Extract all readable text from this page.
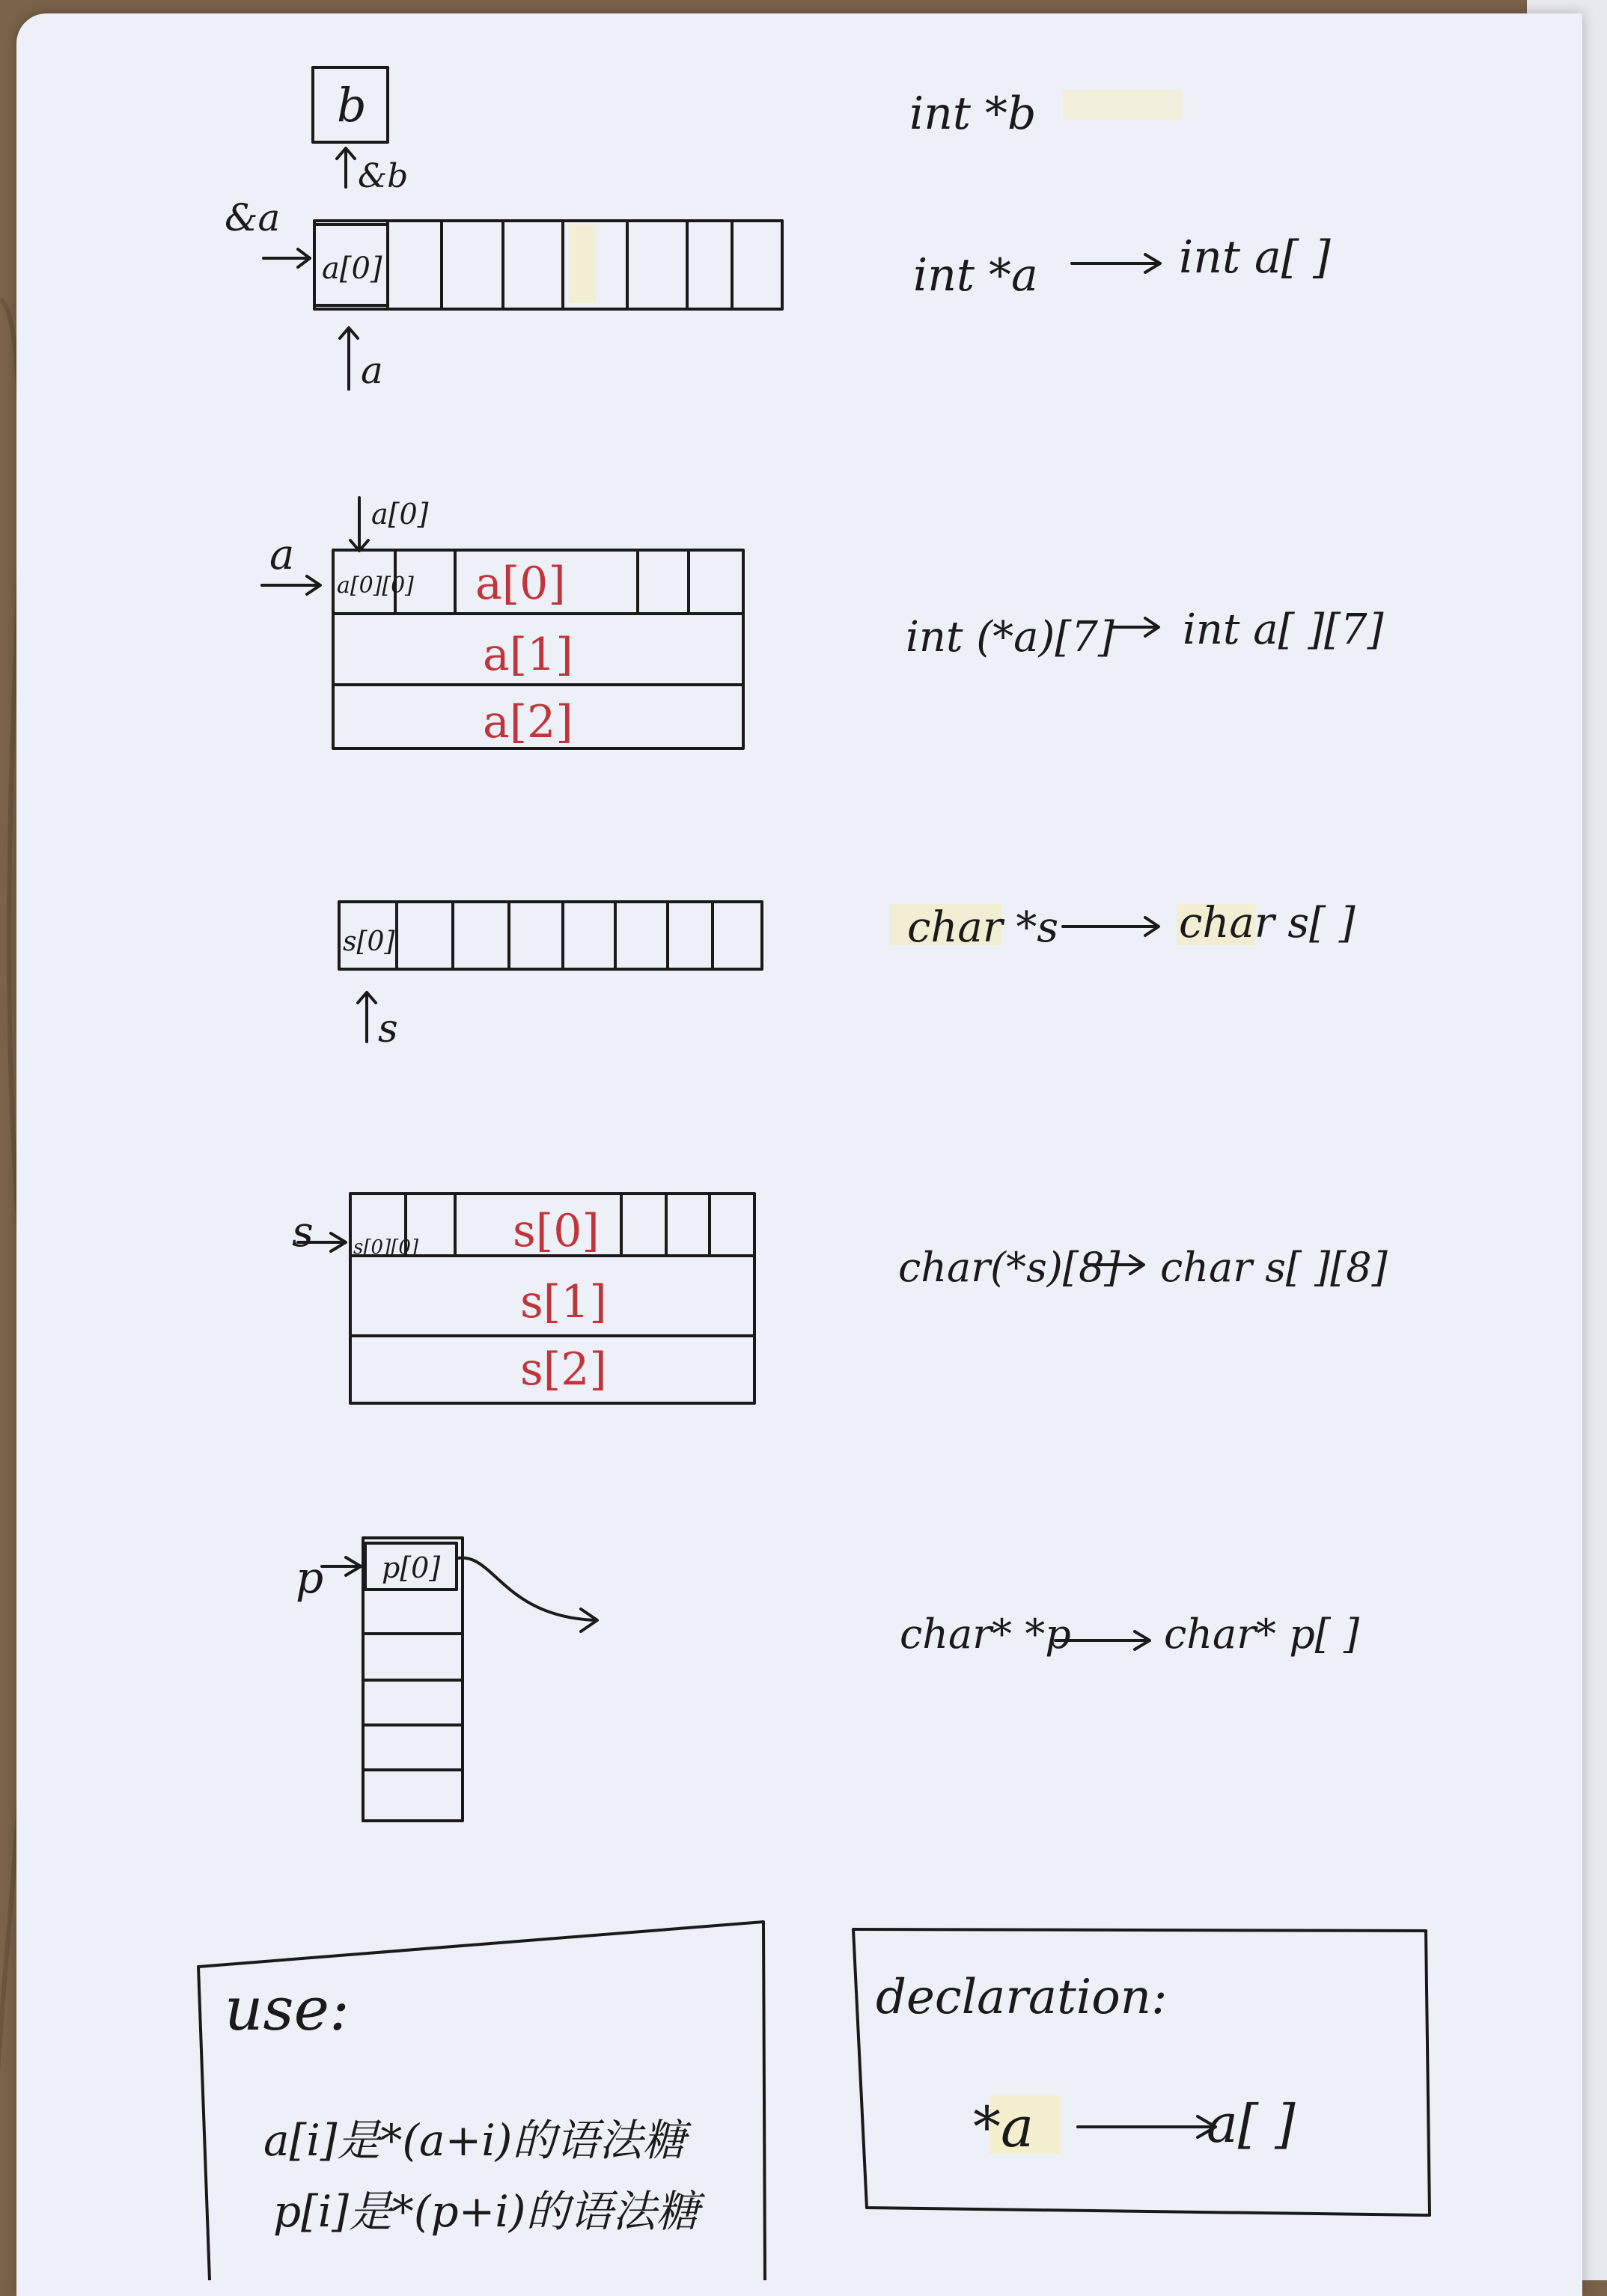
b
&b
&a
a[0]
a
int *b
int *a	int a[ ]
a[0]
a
a[0][0] a[0]
a[1]
a[2]
int (*a)[7] int a[ ][7]
s[0]
s
char *s	char s[ ]
s s[0][0] s[0]
s[1]
s[2]
char(*s)[8] char s[ ][8]
p p[0]
char* *p char* p[ ]
use:
a[i]是*(a+i)的语法糖
p[i]是*(p+i)的语法糖
declaration:
*a	a[ ]
